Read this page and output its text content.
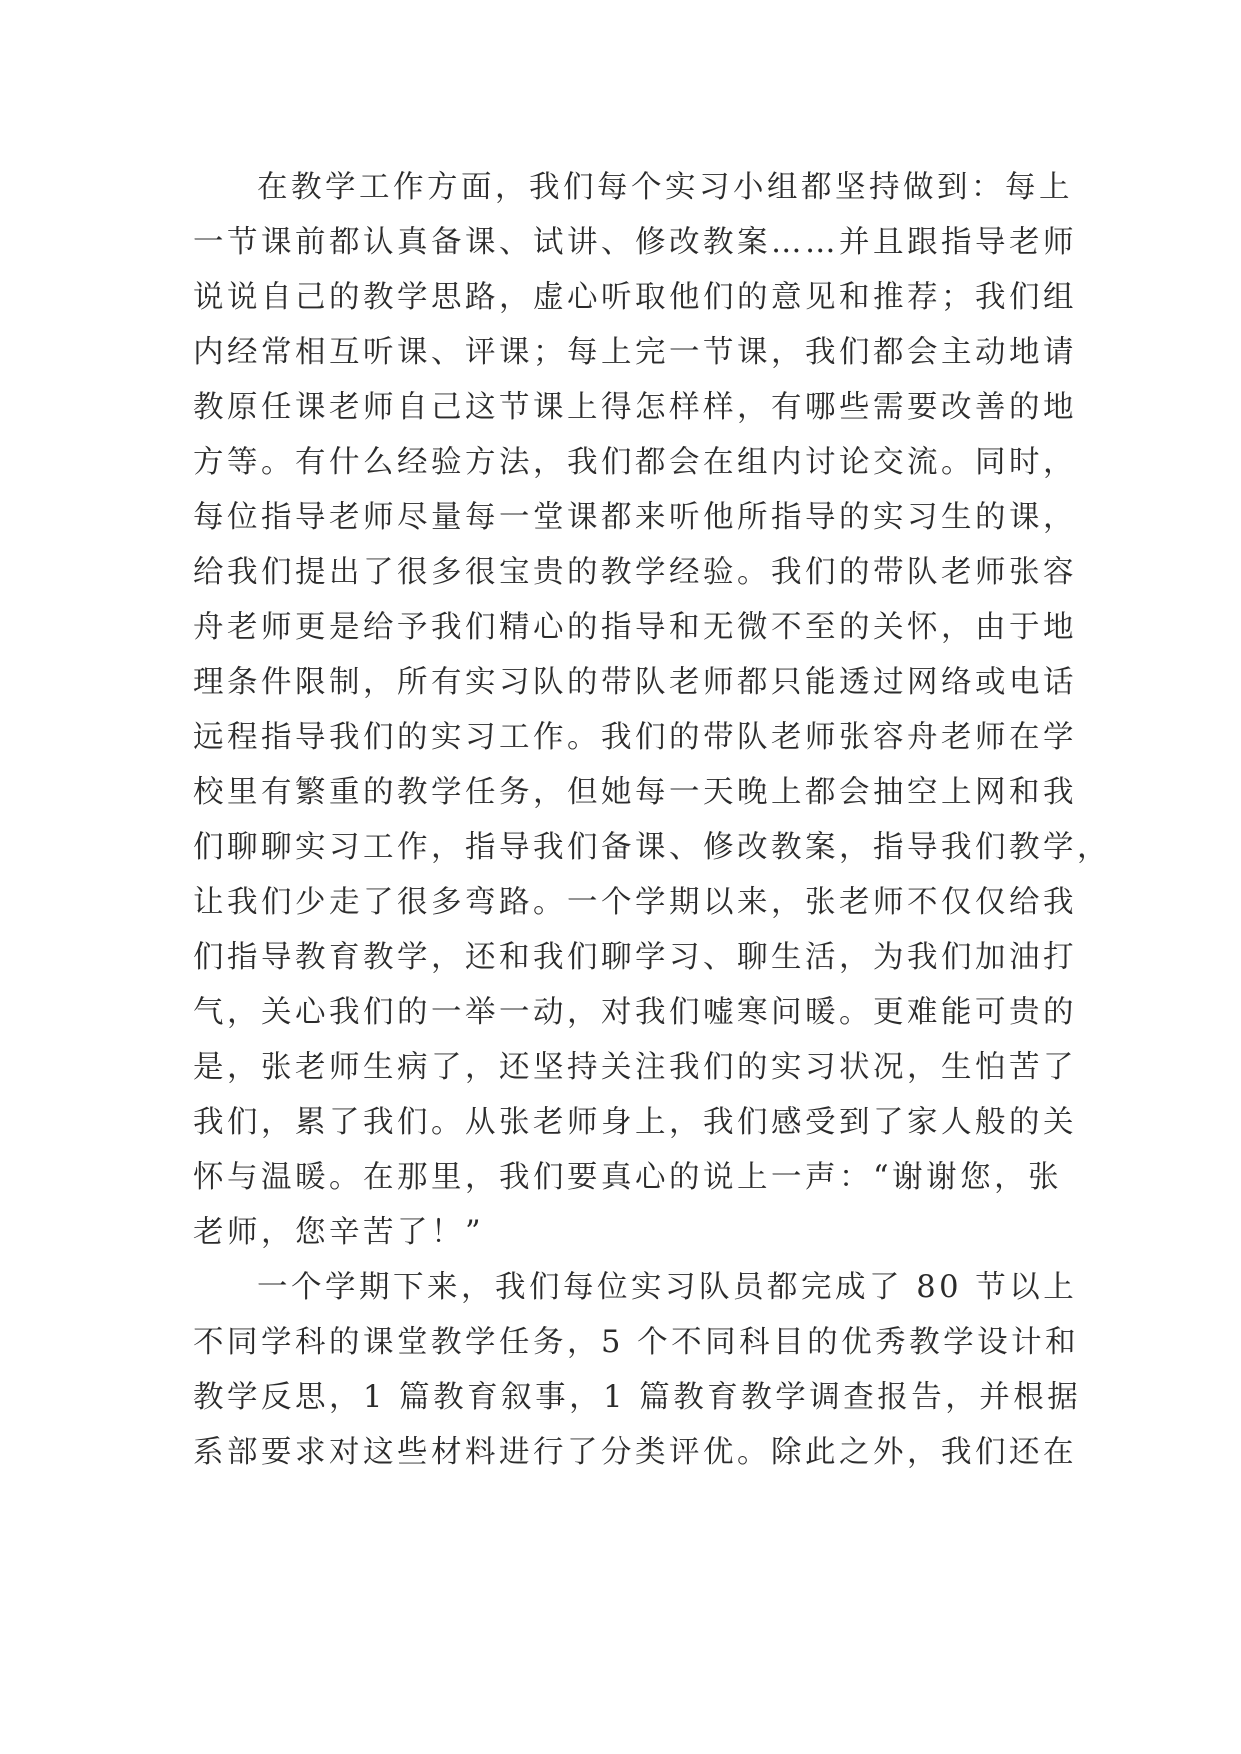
在教学工作方面，我们每个实习小组都坚持做到：每上
一节课前都认真备课、试讲、修改教案……并且跟指导老师
说说自己的教学思路，虚心听取他们的意见和推荐；我们组
内经常相互听课、评课；每上完一节课，我们都会主动地请
教原任课老师自己这节课上得怎样样，有哪些需要改善的地
方等。有什么经验方法，我们都会在组内讨论交流。同时，
每位指导老师尽量每一堂课都来听他所指导的实习生的课，
给我们提出了很多很宝贵的教学经验。我们的带队老师张容
舟老师更是给予我们精心的指导和无微不至的关怀，由于地
理条件限制，所有实习队的带队老师都只能透过网络或电话
远程指导我们的实习工作。我们的带队老师张容舟老师在学
校里有繁重的教学任务，但她每一天晚上都会抽空上网和我
们聊聊实习工作，指导我们备课、修改教案，指导我们教学，
让我们少走了很多弯路。一个学期以来，张老师不仅仅给我
们指导教育教学，还和我们聊学习、聊生活，为我们加油打
气，关心我们的一举一动，对我们嘘寒问暖。更难能可贵的
是，张老师生病了，还坚持关注我们的实习状况，生怕苦了
我们，累了我们。从张老师身上，我们感受到了家人般的关
怀与温暖。在那里，我们要真心的说上一声：“谢谢您，张
老师，您辛苦了！”
一个学期下来，我们每位实习队员都完成了 80 节以上
不同学科的课堂教学任务，5 个不同科目的优秀教学设计和
教学反思，1 篇教育叙事，1 篇教育教学调查报告，并根据
系部要求对这些材料进行了分类评优。除此之外，我们还在
